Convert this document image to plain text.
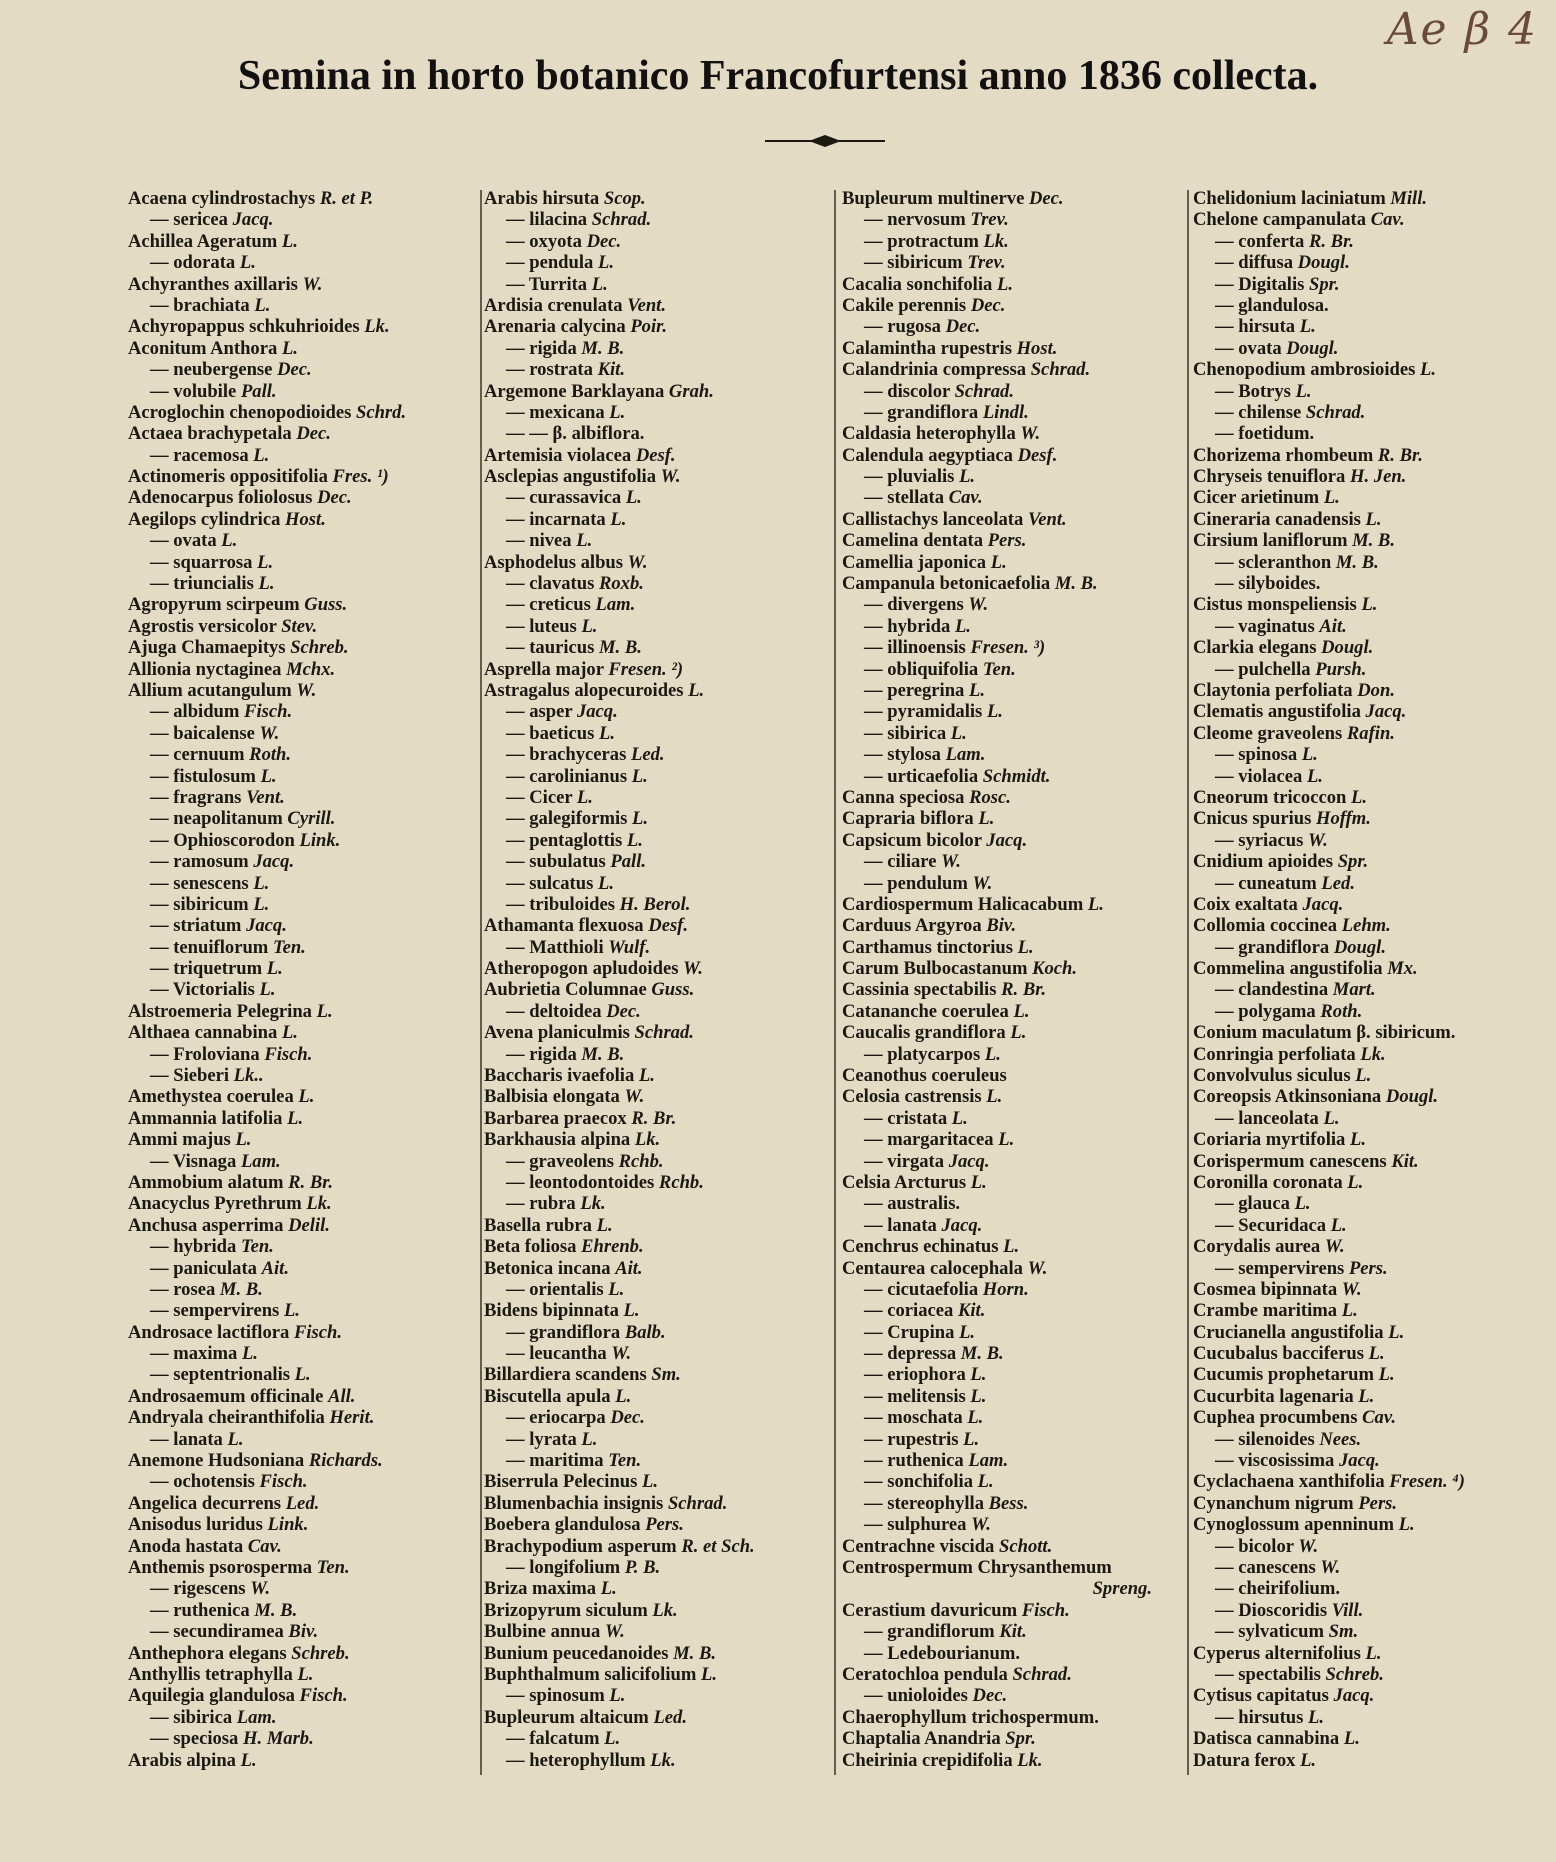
Ae β 4
Semina in horto botanico Francofurtensi anno 1836 collecta.
Acaena cylindrostachys R. et P.
— sericea Jacq.
Achillea Ageratum L.
— odorata L.
Achyranthes axillaris W.
— brachiata L.
Achyropappus schkuhrioides Lk.
Aconitum Anthora L.
— neubergense Dec.
— volubile Pall.
Acroglochin chenopodioides Schrd.
Actaea brachypetala Dec.
— racemosa L.
Actinomeris oppositifolia Fres. ¹)
Adenocarpus foliolosus Dec.
Aegilops cylindrica Host.
— ovata L.
— squarrosa L.
— triuncialis L.
Agropyrum scirpeum Guss.
Agrostis versicolor Stev.
Ajuga Chamaepitys Schreb.
Allionia nyctaginea Mchx.
Allium acutangulum W.
— albidum Fisch.
— baicalense W.
— cernuum Roth.
— fistulosum L.
— fragrans Vent.
— neapolitanum Cyrill.
— Ophioscorodon Link.
— ramosum Jacq.
— senescens L.
— sibiricum L.
— striatum Jacq.
— tenuiflorum Ten.
— triquetrum L.
— Victorialis L.
Alstroemeria Pelegrina L.
Althaea cannabina L.
— Froloviana Fisch.
— Sieberi Lk..
Amethystea coerulea L.
Ammannia latifolia L.
Ammi majus L.
— Visnaga Lam.
Ammobium alatum R. Br.
Anacyclus Pyrethrum Lk.
Anchusa asperrima Delil.
— hybrida Ten.
— paniculata Ait.
— rosea M. B.
— sempervirens L.
Androsace lactiflora Fisch.
— maxima L.
— septentrionalis L.
Androsaemum officinale All.
Andryala cheiranthifolia Herit.
— lanata L.
Anemone Hudsoniana Richards.
— ochotensis Fisch.
Angelica decurrens Led.
Anisodus luridus Link.
Anoda hastata Cav.
Anthemis psorosperma Ten.
— rigescens W.
— ruthenica M. B.
— secundiramea Biv.
Anthephora elegans Schreb.
Anthyllis tetraphylla L.
Aquilegia glandulosa Fisch.
— sibirica Lam.
— speciosa H. Marb.
Arabis alpina L.
Arabis hirsuta Scop.
— lilacina Schrad.
— oxyota Dec.
— pendula L.
— Turrita L.
Ardisia crenulata Vent.
Arenaria calycina Poir.
— rigida M. B.
— rostrata Kit.
Argemone Barklayana Grah.
— mexicana L.
— — β. albiflora.
Artemisia violacea Desf.
Asclepias angustifolia W.
— curassavica L.
— incarnata L.
— nivea L.
Asphodelus albus W.
— clavatus Roxb.
— creticus Lam.
— luteus L.
— tauricus M. B.
Asprella major Fresen. ²)
Astragalus alopecuroides L.
— asper Jacq.
— baeticus L.
— brachyceras Led.
— carolinianus L.
— Cicer L.
— galegiformis L.
— pentaglottis L.
— subulatus Pall.
— sulcatus L.
— tribuloides H. Berol.
Athamanta flexuosa Desf.
— Matthioli Wulf.
Atheropogon apludoides W.
Aubrietia Columnae Guss.
— deltoidea Dec.
Avena planiculmis Schrad.
— rigida M. B.
Baccharis ivaefolia L.
Balbisia elongata W.
Barbarea praecox R. Br.
Barkhausia alpina Lk.
— graveolens Rchb.
— leontodontoides Rchb.
— rubra Lk.
Basella rubra L.
Beta foliosa Ehrenb.
Betonica incana Ait.
— orientalis L.
Bidens bipinnata L.
— grandiflora Balb.
— leucantha W.
Billardiera scandens Sm.
Biscutella apula L.
— eriocarpa Dec.
— lyrata L.
— maritima Ten.
Biserrula Pelecinus L.
Blumenbachia insignis Schrad.
Boebera glandulosa Pers.
Brachypodium asperum R. et Sch.
— longifolium P. B.
Briza maxima L.
Brizopyrum siculum Lk.
Bulbine annua W.
Bunium peucedanoides M. B.
Buphthalmum salicifolium L.
— spinosum L.
Bupleurum altaicum Led.
— falcatum L.
— heterophyllum Lk.
Bupleurum multinerve Dec.
— nervosum Trev.
— protractum Lk.
— sibiricum Trev.
Cacalia sonchifolia L.
Cakile perennis Dec.
— rugosa Dec.
Calamintha rupestris Host.
Calandrinia compressa Schrad.
— discolor Schrad.
— grandiflora Lindl.
Caldasia heterophylla W.
Calendula aegyptiaca Desf.
— pluvialis L.
— stellata Cav.
Callistachys lanceolata Vent.
Camelina dentata Pers.
Camellia japonica L.
Campanula betonicaefolia M. B.
— divergens W.
— hybrida L.
— illinoensis Fresen. ³)
— obliquifolia Ten.
— peregrina L.
— pyramidalis L.
— sibirica L.
— stylosa Lam.
— urticaefolia Schmidt.
Canna speciosa Rosc.
Capraria biflora L.
Capsicum bicolor Jacq.
— ciliare W.
— pendulum W.
Cardiospermum Halicacabum L.
Carduus Argyroa Biv.
Carthamus tinctorius L.
Carum Bulbocastanum Koch.
Cassinia spectabilis R. Br.
Catananche coerulea L.
Caucalis grandiflora L.
— platycarpos L.
Ceanothus coeruleus
Celosia castrensis L.
— cristata L.
— margaritacea L.
— virgata Jacq.
Celsia Arcturus L.
— australis.
— lanata Jacq.
Cenchrus echinatus L.
Centaurea calocephala W.
— cicutaefolia Horn.
— coriacea Kit.
— Crupina L.
— depressa M. B.
— eriophora L.
— melitensis L.
— moschata L.
— rupestris L.
— ruthenica Lam.
— sonchifolia L.
— stereophylla Bess.
— sulphurea W.
Centrachne viscida Schott.
Centrospermum Chrysanthemum
Spreng.
Cerastium davuricum Fisch.
— grandiflorum Kit.
— Ledebourianum.
Ceratochloa pendula Schrad.
— unioloides Dec.
Chaerophyllum trichospermum.
Chaptalia Anandria Spr.
Cheirinia crepidifolia Lk.
Chelidonium laciniatum Mill.
Chelone campanulata Cav.
— conferta R. Br.
— diffusa Dougl.
— Digitalis Spr.
— glandulosa.
— hirsuta L.
— ovata Dougl.
Chenopodium ambrosioides L.
— Botrys L.
— chilense Schrad.
— foetidum.
Chorizema rhombeum R. Br.
Chryseis tenuiflora H. Jen.
Cicer arietinum L.
Cineraria canadensis L.
Cirsium laniflorum M. B.
— scleranthon M. B.
— silyboides.
Cistus monspeliensis L.
— vaginatus Ait.
Clarkia elegans Dougl.
— pulchella Pursh.
Claytonia perfoliata Don.
Clematis angustifolia Jacq.
Cleome graveolens Rafin.
— spinosa L.
— violacea L.
Cneorum tricoccon L.
Cnicus spurius Hoffm.
— syriacus W.
Cnidium apioides Spr.
— cuneatum Led.
Coix exaltata Jacq.
Collomia coccinea Lehm.
— grandiflora Dougl.
Commelina angustifolia Mx.
— clandestina Mart.
— polygama Roth.
Conium maculatum β. sibiricum.
Conringia perfoliata Lk.
Convolvulus siculus L.
Coreopsis Atkinsoniana Dougl.
— lanceolata L.
Coriaria myrtifolia L.
Corispermum canescens Kit.
Coronilla coronata L.
— glauca L.
— Securidaca L.
Corydalis aurea W.
— sempervirens Pers.
Cosmea bipinnata W.
Crambe maritima L.
Crucianella angustifolia L.
Cucubalus bacciferus L.
Cucumis prophetarum L.
Cucurbita lagenaria L.
Cuphea procumbens Cav.
— silenoides Nees.
— viscosissima Jacq.
Cyclachaena xanthifolia Fresen. ⁴)
Cynanchum nigrum Pers.
Cynoglossum apenninum L.
— bicolor W.
— canescens W.
— cheirifolium.
— Dioscoridis Vill.
— sylvaticum Sm.
Cyperus alternifolius L.
— spectabilis Schreb.
Cytisus capitatus Jacq.
— hirsutus L.
Datisca cannabina L.
Datura ferox L.
